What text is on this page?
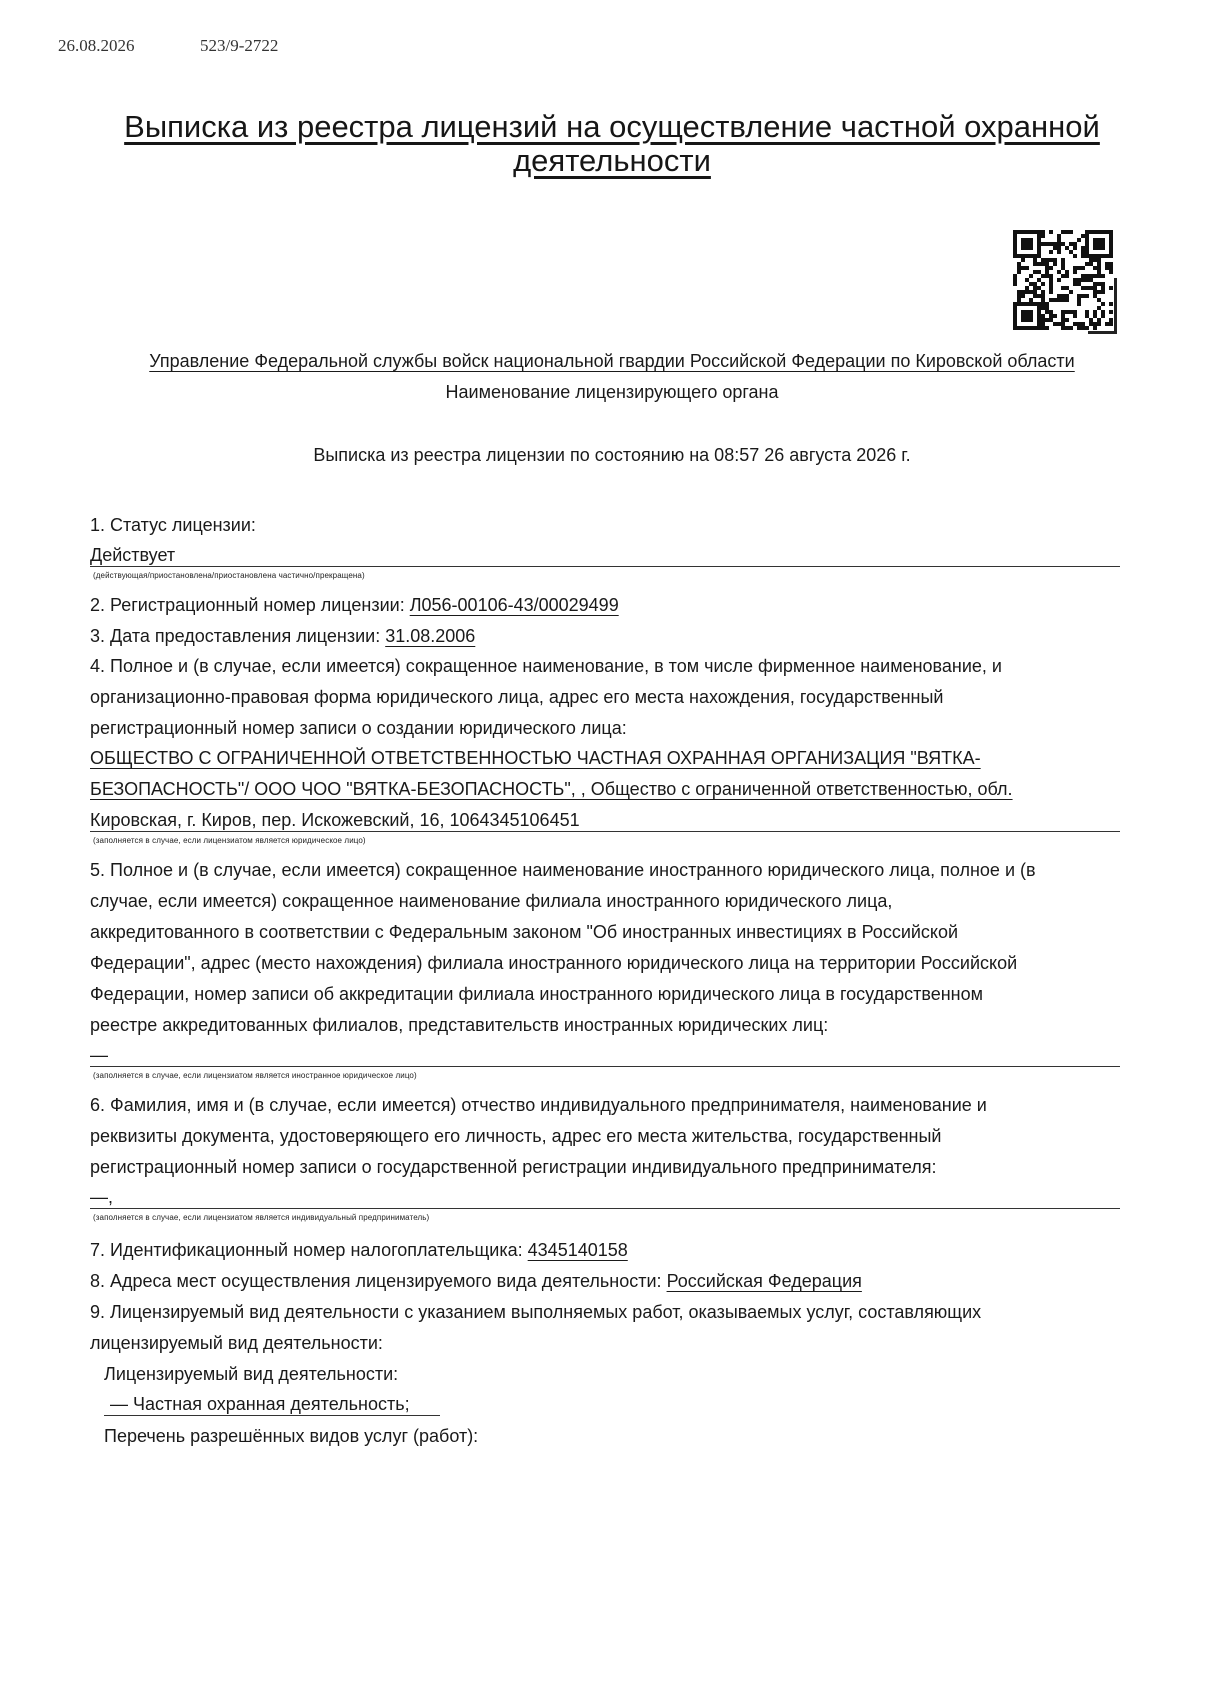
26.08.2026	523/9-2722
Выписка из реестра лицензий на осуществление частной охранной
деятельности
Управление Федеральной службы войск национальной гвардии Российской Федерации по Кировской области
Наименование лицензирующего органа
Выписка из реестра лицензии по состоянию на 08:57 26 августа 2026 г.
1. Статус лицензии:
Действует
(действующая/приостановлена/приостановлена частично/прекращена)
2. Регистрационный номер лицензии: Л056-00106-43/00029499
3. Дата предоставления лицензии: 31.08.2006
4. Полное и (в случае, если имеется) сокращенное наименование, в том числе фирменное наименование, и
организационно-правовая форма юридического лица, адрес его места нахождения, государственный
регистрационный номер записи о создании юридического лица:
ОБЩЕСТВО С ОГРАНИЧЕННОЙ ОТВЕТСТВЕННОСТЬЮ ЧАСТНАЯ ОХРАННАЯ ОРГАНИЗАЦИЯ "ВЯТКА-
БЕЗОПАСНОСТЬ"/ ООО ЧОО "ВЯТКА-БЕЗОПАСНОСТЬ", , Общество с ограниченной ответственностью, обл.
Кировская, г. Киров, пер. Искожевский, 16, 1064345106451
(заполняется в случае, если лицензиатом является юридическое лицо)
5. Полное и (в случае, если имеется) сокращенное наименование иностранного юридического лица, полное и (в
случае, если имеется) сокращенное наименование филиала иностранного юридического лица,
аккредитованного в соответствии с Федеральным законом "Об иностранных инвестициях в Российской
Федерации", адрес (место нахождения) филиала иностранного юридического лица на территории Российской
Федерации, номер записи об аккредитации филиала иностранного юридического лица в государственном
реестре аккредитованных филиалов, представительств иностранных юридических лиц:
—
(заполняется в случае, если лицензиатом является иностранное юридическое лицо)
6. Фамилия, имя и (в случае, если имеется) отчество индивидуального предпринимателя, наименование и
реквизиты документа, удостоверяющего его личность, адрес его места жительства, государственный
регистрационный номер записи о государственной регистрации индивидуального предпринимателя:
—,
(заполняется в случае, если лицензиатом является индивидуальный предприниматель)
7. Идентификационный номер налогоплательщика: 4345140158
8. Адреса мест осуществления лицензируемого вида деятельности: Российская Федерация
9. Лицензируемый вид деятельности с указанием выполняемых работ, оказываемых услуг, составляющих
лицензируемый вид деятельности:
Лицензируемый вид деятельности:
— Частная охранная деятельность;
Перечень разрешённых видов услуг (работ):
